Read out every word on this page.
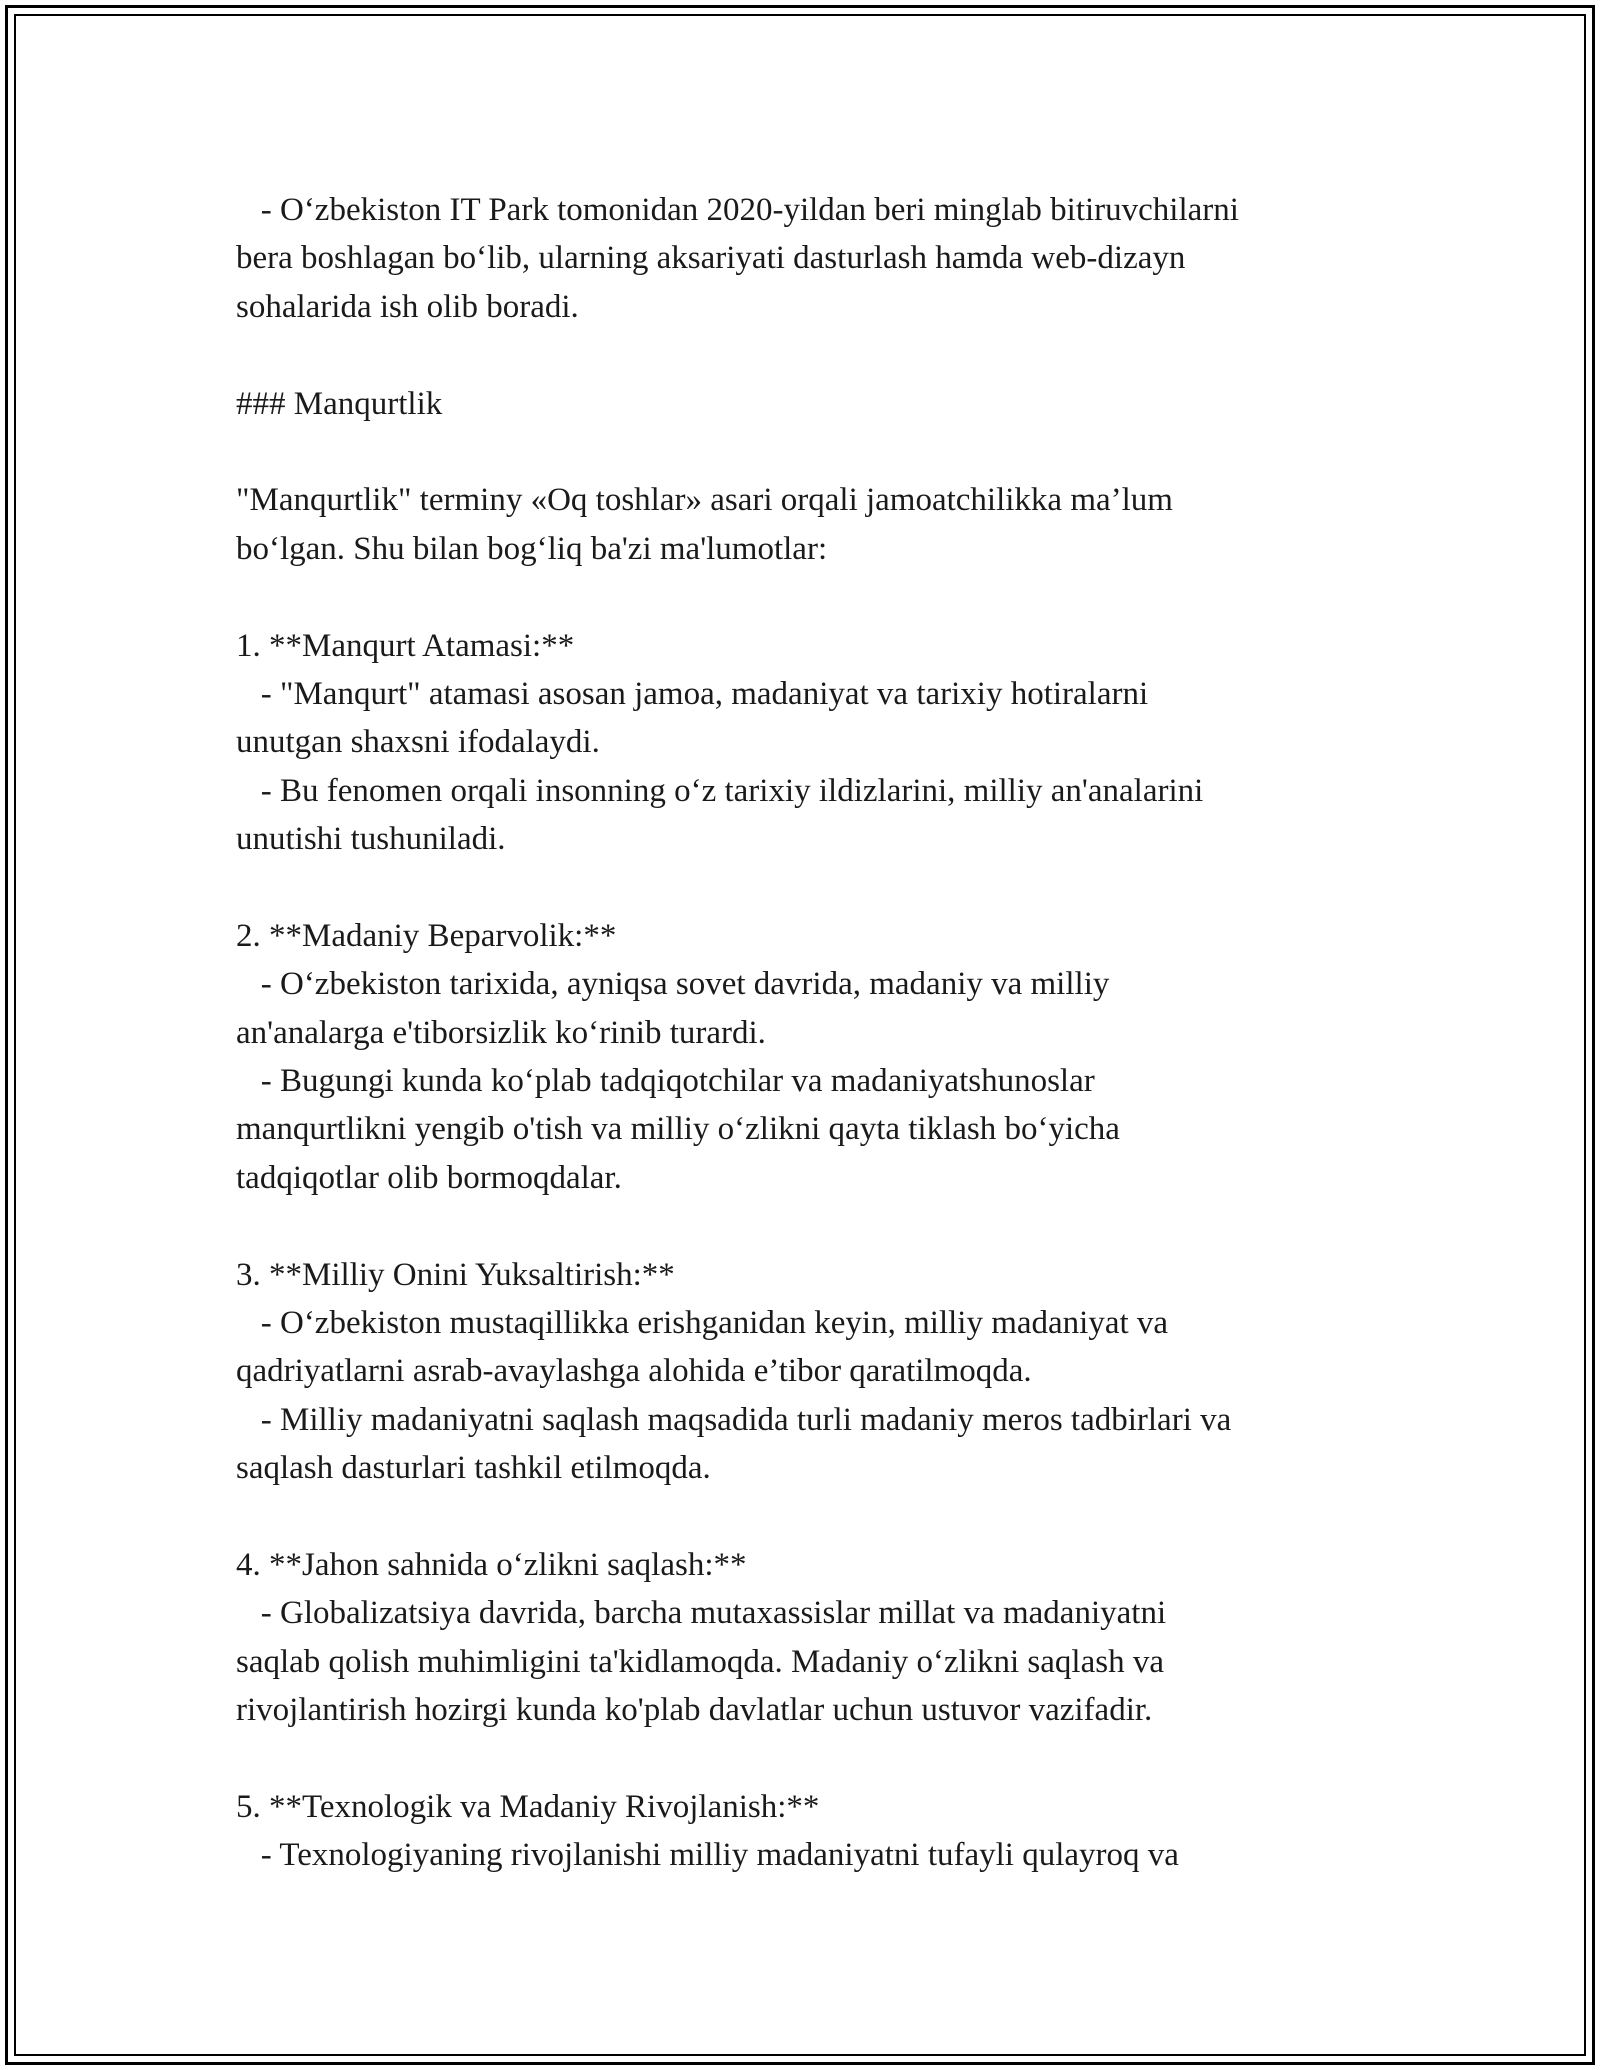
- Oʻzbekiston IT Park tomonidan 2020-yildan beri minglab bitiruvchilarni
bera boshlagan boʻlib, ularning aksariyati dasturlash hamda web-dizayn
sohalarida ish olib boradi.
### Manqurtlik
"Manqurtlik" terminy «Oq toshlar» asari orqali jamoatchilikka ma’lum
boʻlgan. Shu bilan bogʻliq ba'zi ma'lumotlar:
1. **Manqurt Atamasi:**
- "Manqurt" atamasi asosan jamoa, madaniyat va tarixiy hotiralarni
unutgan shaxsni ifodalaydi.
- Bu fenomen orqali insonning oʻz tarixiy ildizlarini, milliy an'analarini
unutishi tushuniladi.
2. **Madaniy Beparvolik:**
- Oʻzbekiston tarixida, ayniqsa sovet davrida, madaniy va milliy
an'analarga e'tiborsizlik koʻrinib turardi.
- Bugungi kunda koʻplab tadqiqotchilar va madaniyatshunoslar
manqurtlikni yengib o'tish va milliy oʻzlikni qayta tiklash boʻyicha
tadqiqotlar olib bormoqdalar.
3. **Milliy Onini Yuksaltirish:**
- Oʻzbekiston mustaqillikka erishganidan keyin, milliy madaniyat va
qadriyatlarni asrab-avaylashga alohida e’tibor qaratilmoqda.
- Milliy madaniyatni saqlash maqsadida turli madaniy meros tadbirlari va
saqlash dasturlari tashkil etilmoqda.
4. **Jahon sahnida oʻzlikni saqlash:**
- Globalizatsiya davrida, barcha mutaxassislar millat va madaniyatni
saqlab qolish muhimligini ta'kidlamoqda. Madaniy oʻzlikni saqlash va
rivojlantirish hozirgi kunda ko'plab davlatlar uchun ustuvor vazifadir.
5. **Texnologik va Madaniy Rivojlanish:**
- Texnologiyaning rivojlanishi milliy madaniyatni tufayli qulayroq va
